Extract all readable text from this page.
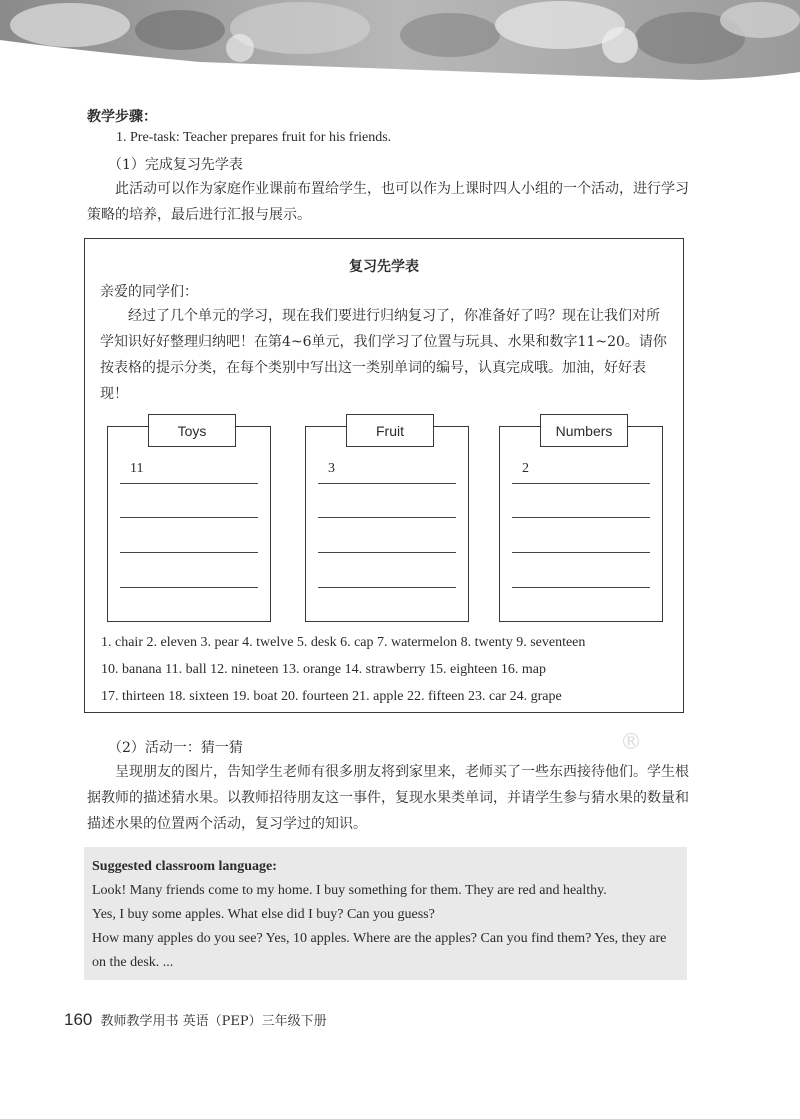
教学步骤：
1. Pre-task: Teacher prepares fruit for his friends.
（1）完成复习先学表
此活动可以作为家庭作业课前布置给学生，也可以作为上课时四人小组的一个活动，进行学习策略的培养，最后进行汇报与展示。
复习先学表
亲爱的同学们：
经过了几个单元的学习，现在我们要进行归纳复习了，你准备好了吗？现在让我们对所学知识好好整理归纳吧！在第4~6单元，我们学习了位置与玩具、水果和数字11~20。请你按表格的提示分类，在每个类别中写出这一类别单词的编号，认真完成哦。加油，好好表现！
Toys
11
Fruit
3
Numbers
2
1. chair 2. eleven 3. pear 4. twelve 5. desk 6. cap 7. watermelon 8. twenty 9. seventeen
10. banana 11. ball 12. nineteen 13. orange 14. strawberry 15. eighteen 16. map
17. thirteen 18. sixteen 19. boat 20. fourteen 21. apple 22. fifteen 23. car 24. grape
®
（2）活动一：猜一猜
呈现朋友的图片，告知学生老师有很多朋友将到家里来，老师买了一些东西接待他们。学生根据教师的描述猜水果。以教师招待朋友这一事件，复现水果类单词，并请学生参与猜水果的数量和描述水果的位置两个活动，复习学过的知识。
Suggested classroom language:
Look! Many friends come to my home. I buy something for them. They are red and healthy.
Yes, I buy some apples. What else did I buy? Can you guess?
How many apples do you see? Yes, 10 apples. Where are the apples? Can you find them? Yes, they are on the desk. ...
160 教师教学用书 英语（PEP）三年级下册
